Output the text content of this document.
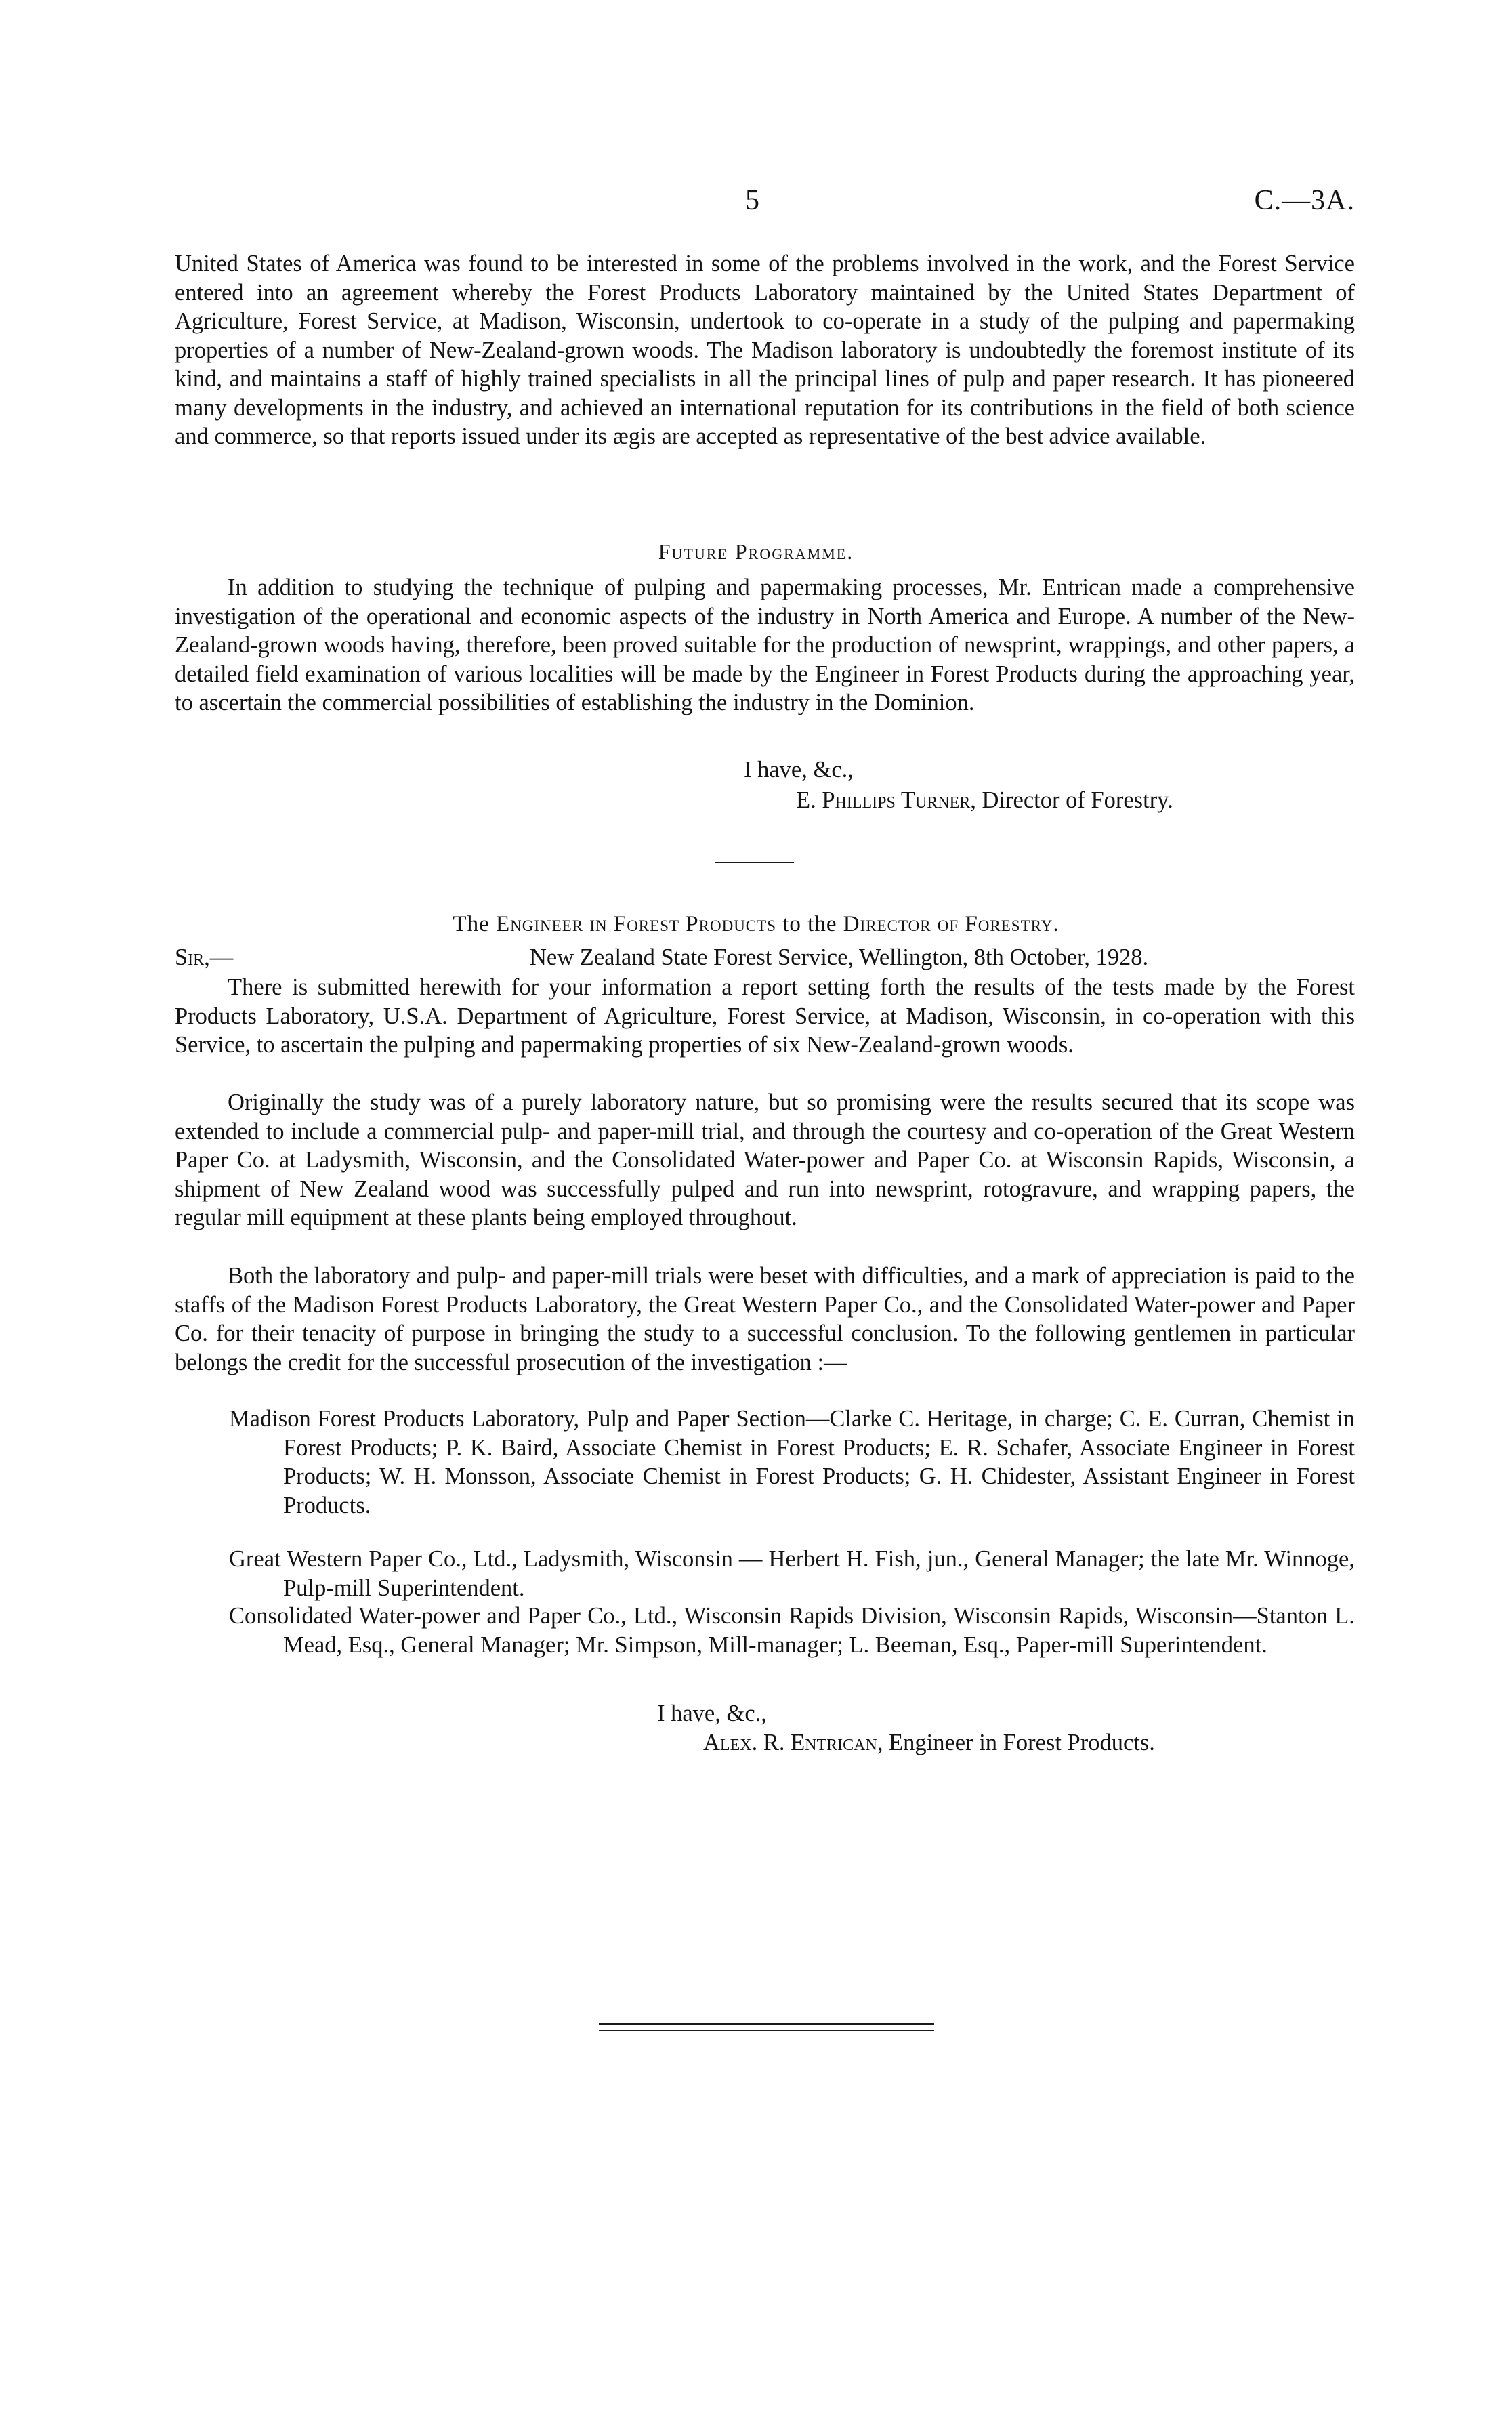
5	C.—3A.

United States of America was found to be interested in some of the problems involved in the work, and the Forest Service entered into an agreement whereby the Forest Products Laboratory maintained by the United States Department of Agriculture, Forest Service, at Madison, Wisconsin, undertook to co-operate in a study of the pulping and papermaking properties of a number of New-Zealand-grown woods. The Madison laboratory is undoubtedly the foremost institute of its kind, and maintains a staff of highly trained specialists in all the principal lines of pulp and paper research. It has pioneered many developments in the industry, and achieved an international reputation for its contributions in the field of both science and commerce, so that reports issued under its ægis are accepted as representative of the best advice available.

Future Programme.

In addition to studying the technique of pulping and papermaking processes, Mr. Entrican made a comprehensive investigation of the operational and economic aspects of the industry in North America and Europe. A number of the New-Zealand-grown woods having, therefore, been proved suitable for the production of newsprint, wrappings, and other papers, a detailed field examination of various localities will be made by the Engineer in Forest Products during the approaching year, to ascertain the commercial possibilities of establishing the industry in the Dominion.

I have, &c.,
E. Phillips Turner, Director of Forestry.
The Engineer in Forest Products to the Director of Forestry.
Sir,—	New Zealand State Forest Service, Wellington, 8th October, 1928.

There is submitted herewith for your information a report setting forth the results of the tests made by the Forest Products Laboratory, U.S.A. Department of Agriculture, Forest Service, at Madison, Wisconsin, in co-operation with this Service, to ascertain the pulping and papermaking properties of six New-Zealand-grown woods.

Originally the study was of a purely laboratory nature, but so promising were the results secured that its scope was extended to include a commercial pulp- and paper-mill trial, and through the courtesy and co-operation of the Great Western Paper Co. at Ladysmith, Wisconsin, and the Consolidated Water-power and Paper Co. at Wisconsin Rapids, Wisconsin, a shipment of New Zealand wood was successfully pulped and run into newsprint, rotogravure, and wrapping papers, the regular mill equipment at these plants being employed throughout.

Both the laboratory and pulp- and paper-mill trials were beset with difficulties, and a mark of appreciation is paid to the staffs of the Madison Forest Products Laboratory, the Great Western Paper Co., and the Consolidated Water-power and Paper Co. for their tenacity of purpose in bringing the study to a successful conclusion. To the following gentlemen in particular belongs the credit for the successful prosecution of the investigation :—

Madison Forest Products Laboratory, Pulp and Paper Section—Clarke C. Heritage, in charge; C. E. Curran, Chemist in Forest Products; P. K. Baird, Associate Chemist in Forest Products; E. R. Schafer, Associate Engineer in Forest Products; W. H. Monsson, Associate Chemist in Forest Products; G. H. Chidester, Assistant Engineer in Forest Products.

Great Western Paper Co., Ltd., Ladysmith, Wisconsin — Herbert H. Fish, jun., General Manager; the late Mr. Winnoge, Pulp-mill Superintendent.

Consolidated Water-power and Paper Co., Ltd., Wisconsin Rapids Division, Wisconsin Rapids, Wisconsin—Stanton L. Mead, Esq., General Manager; Mr. Simpson, Mill-manager; L. Beeman, Esq., Paper-mill Superintendent.

I have, &c.,
Alex. R. Entrican, Engineer in Forest Products.
